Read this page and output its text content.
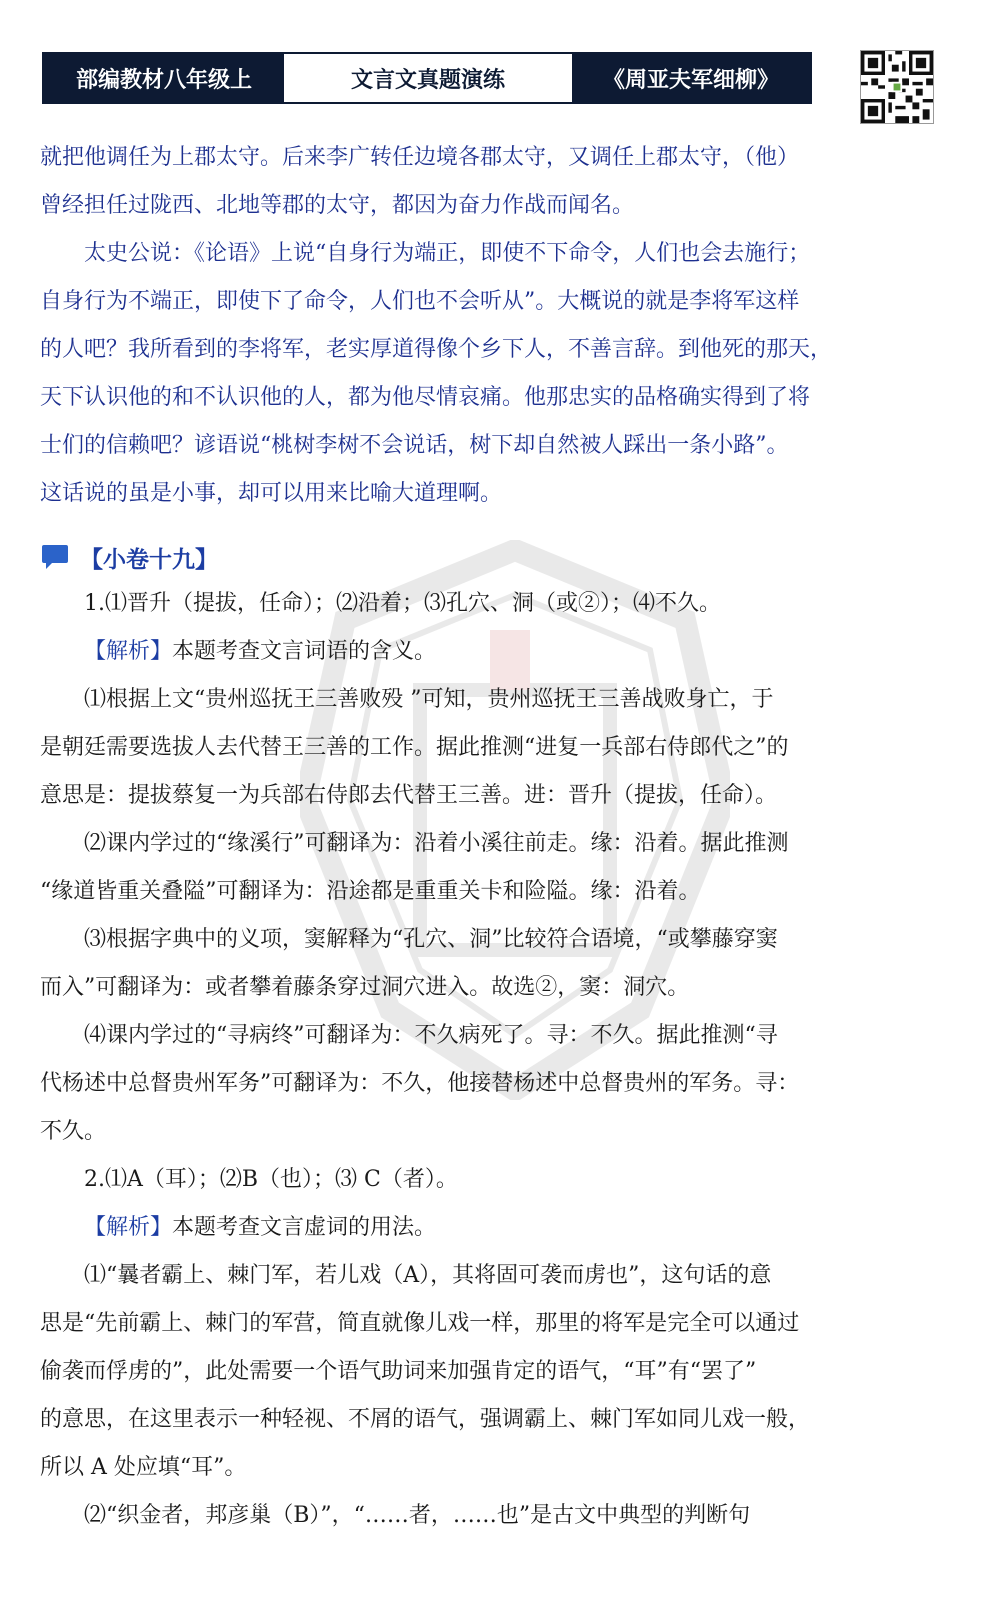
部编教材八年级上	文言文真题演练	《周亚夫军细柳》

就把他调任为上郡太守。后来李广转任边境各郡太守，又调任上郡太守，（他）

曾经担任过陇西、北地等郡的太守，都因为奋力作战而闻名。

太史公说：《论语》上说“自身行为端正，即使不下命令，人们也会去施行；

自身行为不端正，即使下了命令，人们也不会听从”。大概说的就是李将军这样

的人吧？我所看到的李将军，老实厚道得像个乡下人，不善言辞。到他死的那天，

天下认识他的和不认识他的人，都为他尽情哀痛。他那忠实的品格确实得到了将

士们的信赖吧？谚语说“桃树李树不会说话，树下却自然被人踩出一条小路”。

这话说的虽是小事，却可以用来比喻大道理啊。

【小卷十九】

1.⑴晋升（提拔，任命）；⑵沿着；⑶孔穴、洞（或②）；⑷不久。

【解析】本题考查文言词语的含义。

⑴根据上文“贵州巡抚王三善败殁 ”可知，贵州巡抚王三善战败身亡，于

是朝廷需要选拔人去代替王三善的工作。据此推测“进复一兵部右侍郎代之”的

意思是：提拔蔡复一为兵部右侍郎去代替王三善。进：晋升（提拔，任命）。

⑵课内学过的“缘溪行”可翻译为：沿着小溪往前走。缘：沿着。据此推测

“缘道皆重关叠隘”可翻译为：沿途都是重重关卡和险隘。缘：沿着。

⑶根据字典中的义项，窦解释为“孔穴、洞”比较符合语境，“或攀藤穿窦

而入”可翻译为：或者攀着藤条穿过洞穴进入。故选②，窦：洞穴。

⑷课内学过的“寻病终”可翻译为：不久病死了。寻：不久。据此推测“寻

代杨述中总督贵州军务”可翻译为：不久，他接替杨述中总督贵州的军务。寻：

不久。

2.⑴A（耳）；⑵B（也）；⑶ C（者）。

【解析】本题考查文言虚词的用法。

⑴“曩者霸上、棘门军，若儿戏（A），其将固可袭而虏也”，这句话的意

思是“先前霸上、棘门的军营，简直就像儿戏一样，那里的将军是完全可以通过

偷袭而俘虏的”，此处需要一个语气助词来加强肯定的语气，“耳”有“罢了”

的意思，在这里表示一种轻视、不屑的语气，强调霸上、棘门军如同儿戏一般，

所以 A 处应填“耳”。

⑵“织金者，邦彦巢（B）”，“……者，……也”是古文中典型的判断句
